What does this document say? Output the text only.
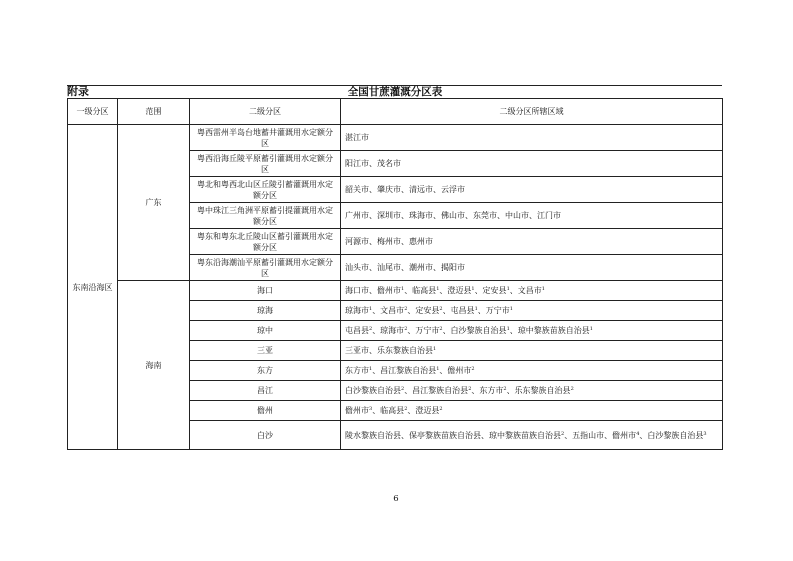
附录	全国甘蔗灌溉分区表
一级分区	范围	二级分区	二级分区所辖区域
东南沿海区	广东	粤西雷州半岛台地蓄井灌溉用水定额分区	湛江市
		粤西沿海丘陵平原蓄引灌溉用水定额分区	阳江市、茂名市
		粤北和粤西北山区丘陵引蓄灌溉用水定额分区	韶关市、肇庆市、清远市、云浮市
		粤中珠江三角洲平原蓄引提灌溉用水定额分区	广州市、深圳市、珠海市、佛山市、东莞市、中山市、江门市
		粤东和粤东北丘陵山区蓄引灌溉用水定额分区	河源市、梅州市、惠州市
		粤东沿海潮汕平原蓄引灌溉用水定额分区	汕头市、汕尾市、潮州市、揭阳市
	海南	海口	海口市、儋州市$^1$、临高县$^1$、澄迈县$^1$、定安县$^1$、文昌市$^1$
		琼海	琼海市$^1$、文昌市$^2$、定安县$^2$、屯昌县$^1$、万宁市$^1$
		琼中	屯昌县$^2$、琼海市$^2$、万宁市$^2$、白沙黎族自治县$^1$、琼中黎族苗族自治县$^1$
		三亚	三亚市、乐东黎族自治县$^1$
		东方	东方市$^1$、昌江黎族自治县$^1$、儋州市$^2$
		昌江	白沙黎族自治县$^2$、昌江黎族自治县$^2$、东方市$^2$、乐东黎族自治县$^2$
		儋州	儋州市$^3$、临高县$^2$、澄迈县$^2$
		白沙	陵水黎族自治县、保亭黎族苗族自治县、琼中黎族苗族自治县$^2$、五指山市、儋州市$^4$、白沙黎族自治县$^3$
6
